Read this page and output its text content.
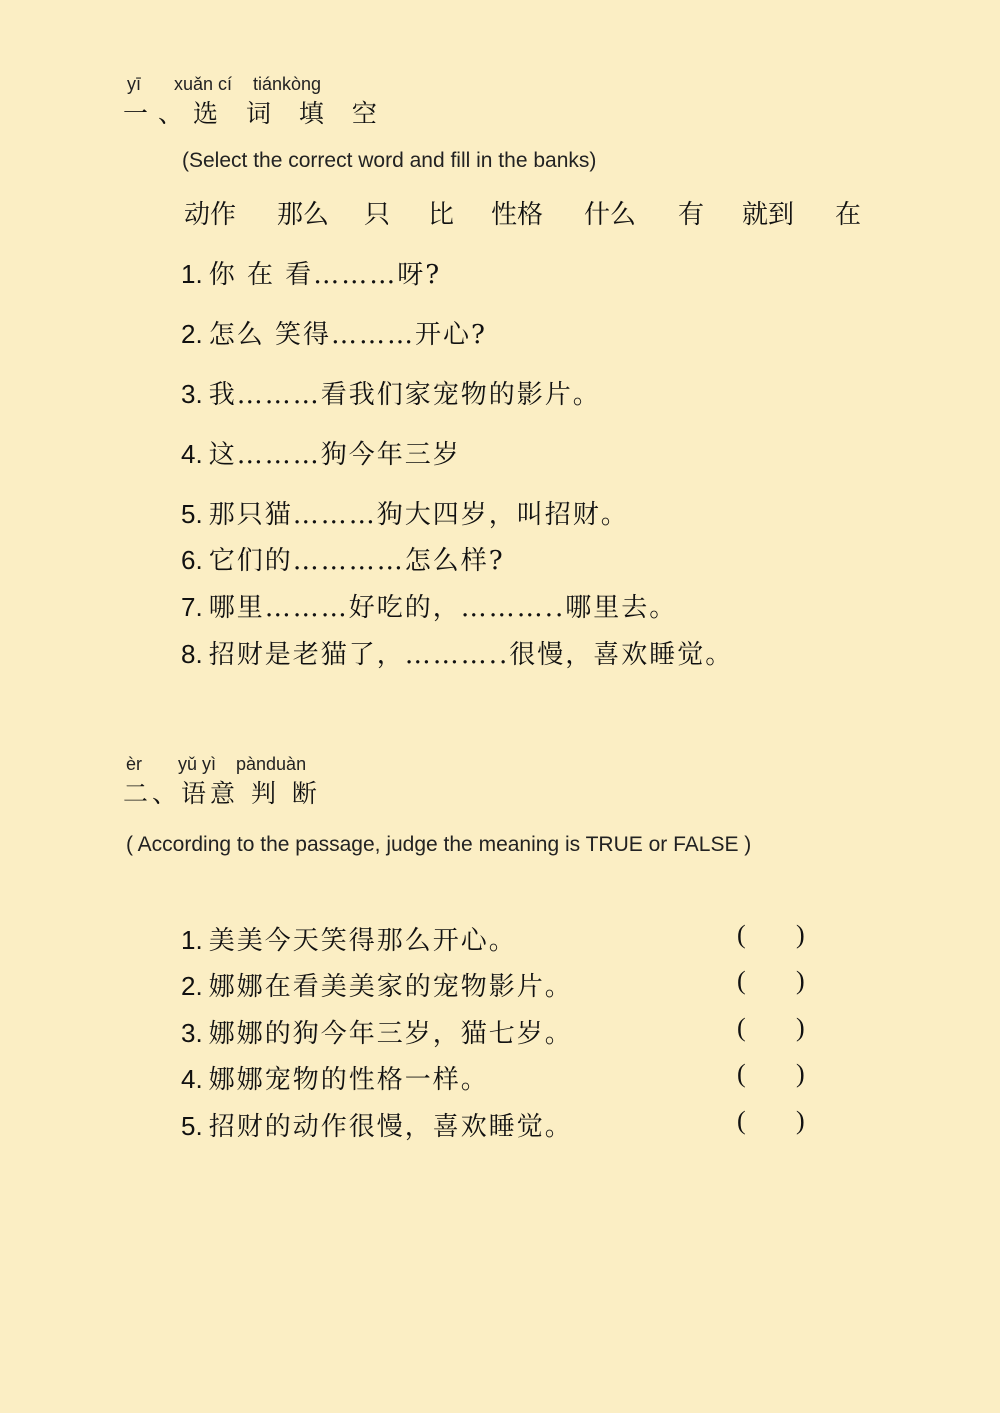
yī xuǎn cí tiánkòng
一、选 词 填 空
(Select the correct word and fill in the banks)
动作 那么 只 比 性格 什么 有 就到 在
1. 你 在 看………呀?
2. 怎么 笑得………开心?
3. 我………看我们家宠物的影片。
4. 这………狗今年三岁
5. 那只猫………狗大四岁，叫招财。
6. 它们的…………怎么样?
7. 哪里………好吃的，………..哪里去。
8. 招财是老猫了，………..很慢，喜欢睡觉。
èr yǔ yì pànduàn
二、语意 判 断
( According to the passage, judge the meaning is TRUE or FALSE )
1. 美美今天笑得那么开心。
2. 娜娜在看美美家的宠物影片。
3. 娜娜的狗今年三岁，猫七岁。
4. 娜娜宠物的性格一样。
5. 招财的动作很慢，喜欢睡觉。
( )
( )
( )
( )
( )
